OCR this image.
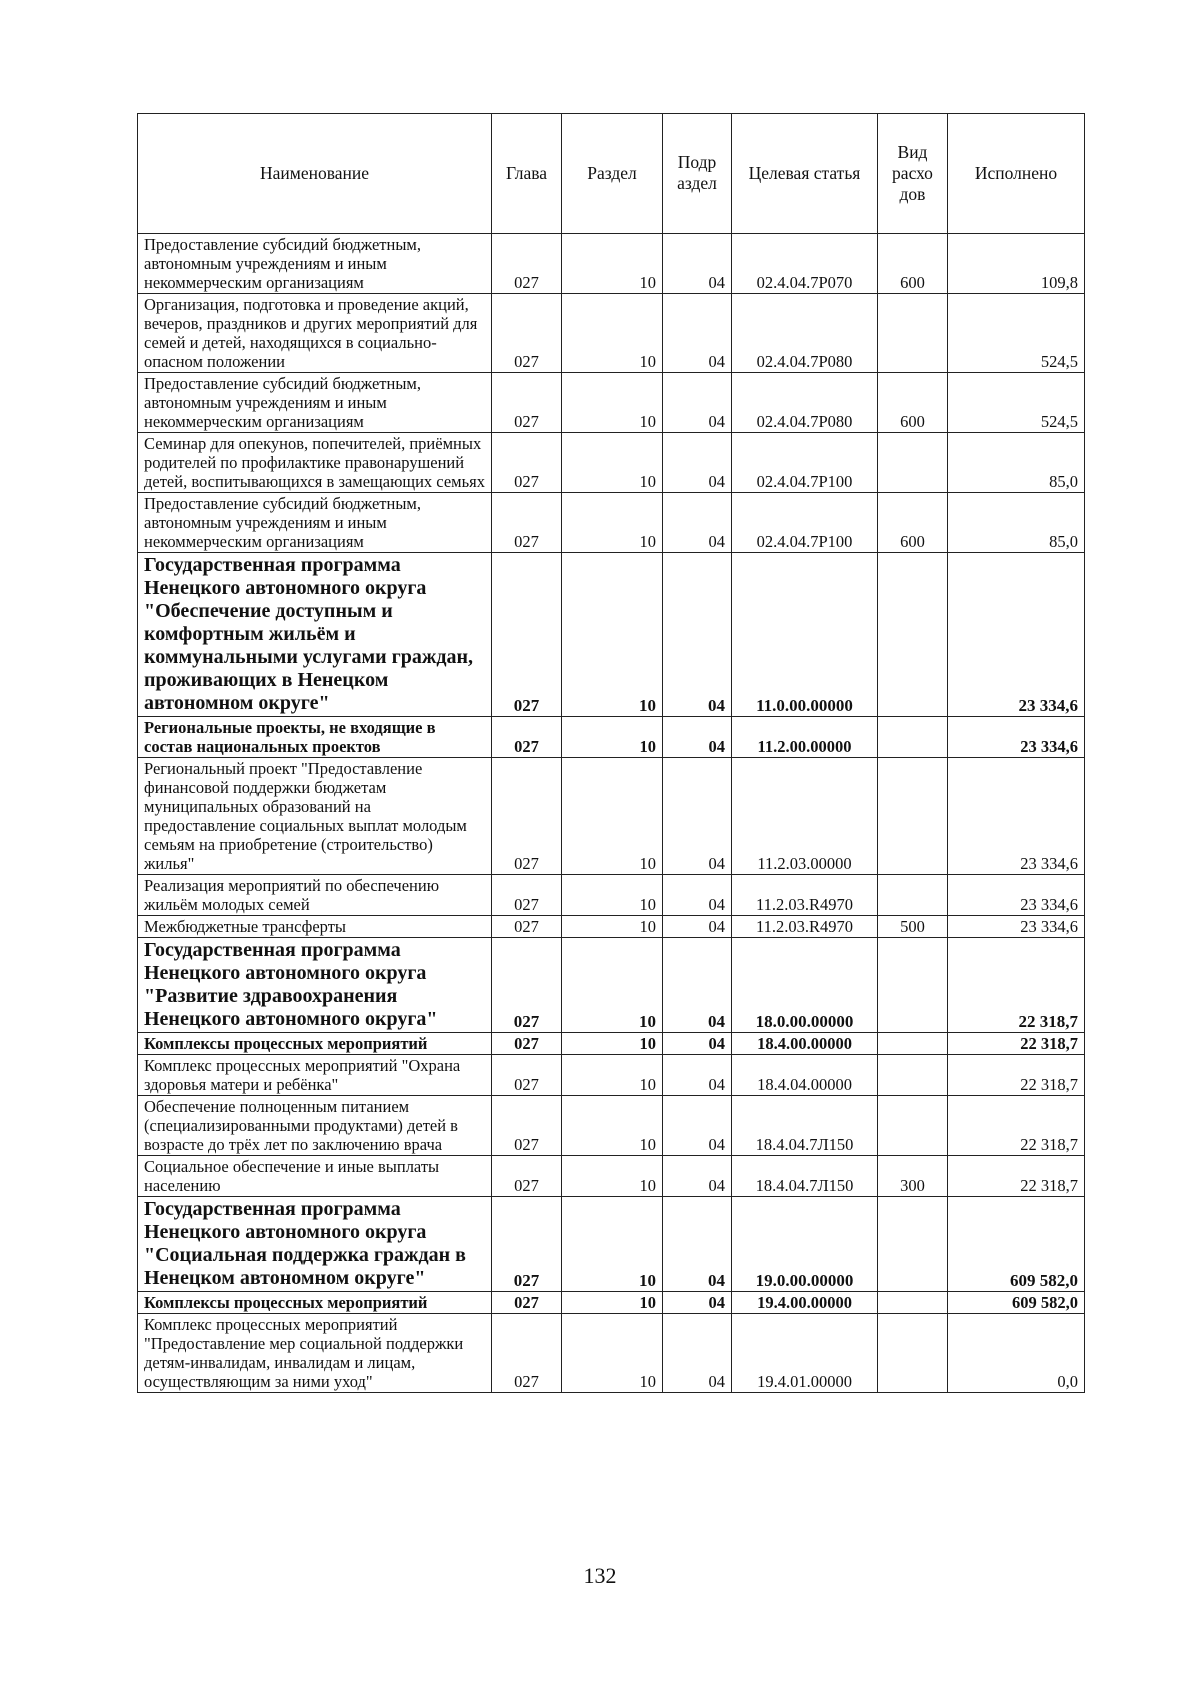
Наименование	Глава	Раздел	Подр аздел	Целевая статья	Вид расхо дов	Исполнено
Предоставление субсидий бюджетным, автономным учреждениям и иным некоммерческим организациям	027	10	04	02.4.04.7P070	600	109,8
Организация, подготовка и проведение акций, вечеров, праздников и других мероприятий для семей и детей, находящихся в социально-опасном положении	027	10	04	02.4.04.7P080		524,5
Предоставление субсидий бюджетным, автономным учреждениям и иным некоммерческим организациям	027	10	04	02.4.04.7P080	600	524,5
Семинар для опекунов, попечителей, приёмных родителей по профилактике правонарушений детей, воспитывающихся в замещающих семьях	027	10	04	02.4.04.7P100		85,0
Предоставление субсидий бюджетным, автономным учреждениям и иным некоммерческим организациям	027	10	04	02.4.04.7P100	600	85,0
Государственная программа Ненецкого автономного округа "Обеспечение доступным и комфортным жильём и коммунальными услугами граждан, проживающих в Ненецком автономном округе"	027	10	04	11.0.00.00000		23 334,6
Региональные проекты, не входящие в состав национальных проектов	027	10	04	11.2.00.00000		23 334,6
Региональный проект "Предоставление финансовой поддержки бюджетам муниципальных образований на предоставление социальных выплат молодым семьям на приобретение (строительство) жилья"	027	10	04	11.2.03.00000		23 334,6
Реализация мероприятий по обеспечению жильём молодых семей	027	10	04	11.2.03.R4970		23 334,6
Межбюджетные трансферты	027	10	04	11.2.03.R4970	500	23 334,6
Государственная программа Ненецкого автономного округа "Развитие здравоохранения Ненецкого автономного округа"	027	10	04	18.0.00.00000		22 318,7
Комплексы процессных мероприятий	027	10	04	18.4.00.00000		22 318,7
Комплекс процессных мероприятий "Охрана здоровья матери и ребёнка"	027	10	04	18.4.04.00000		22 318,7
Обеспечение полноценным питанием (специализированными продуктами) детей в возрасте до трёх лет по заключению врача	027	10	04	18.4.04.7Л150		22 318,7
Социальное обеспечение и иные выплаты населению	027	10	04	18.4.04.7Л150	300	22 318,7
Государственная программа Ненецкого автономного округа "Социальная поддержка граждан в Ненецком автономном округе"	027	10	04	19.0.00.00000		609 582,0
Комплексы процессных мероприятий	027	10	04	19.4.00.00000		609 582,0
Комплекс процессных мероприятий "Предоставление мер социальной поддержки детям-инвалидам, инвалидам и лицам, осуществляющим за ними уход"	027	10	04	19.4.01.00000		0,0
132
